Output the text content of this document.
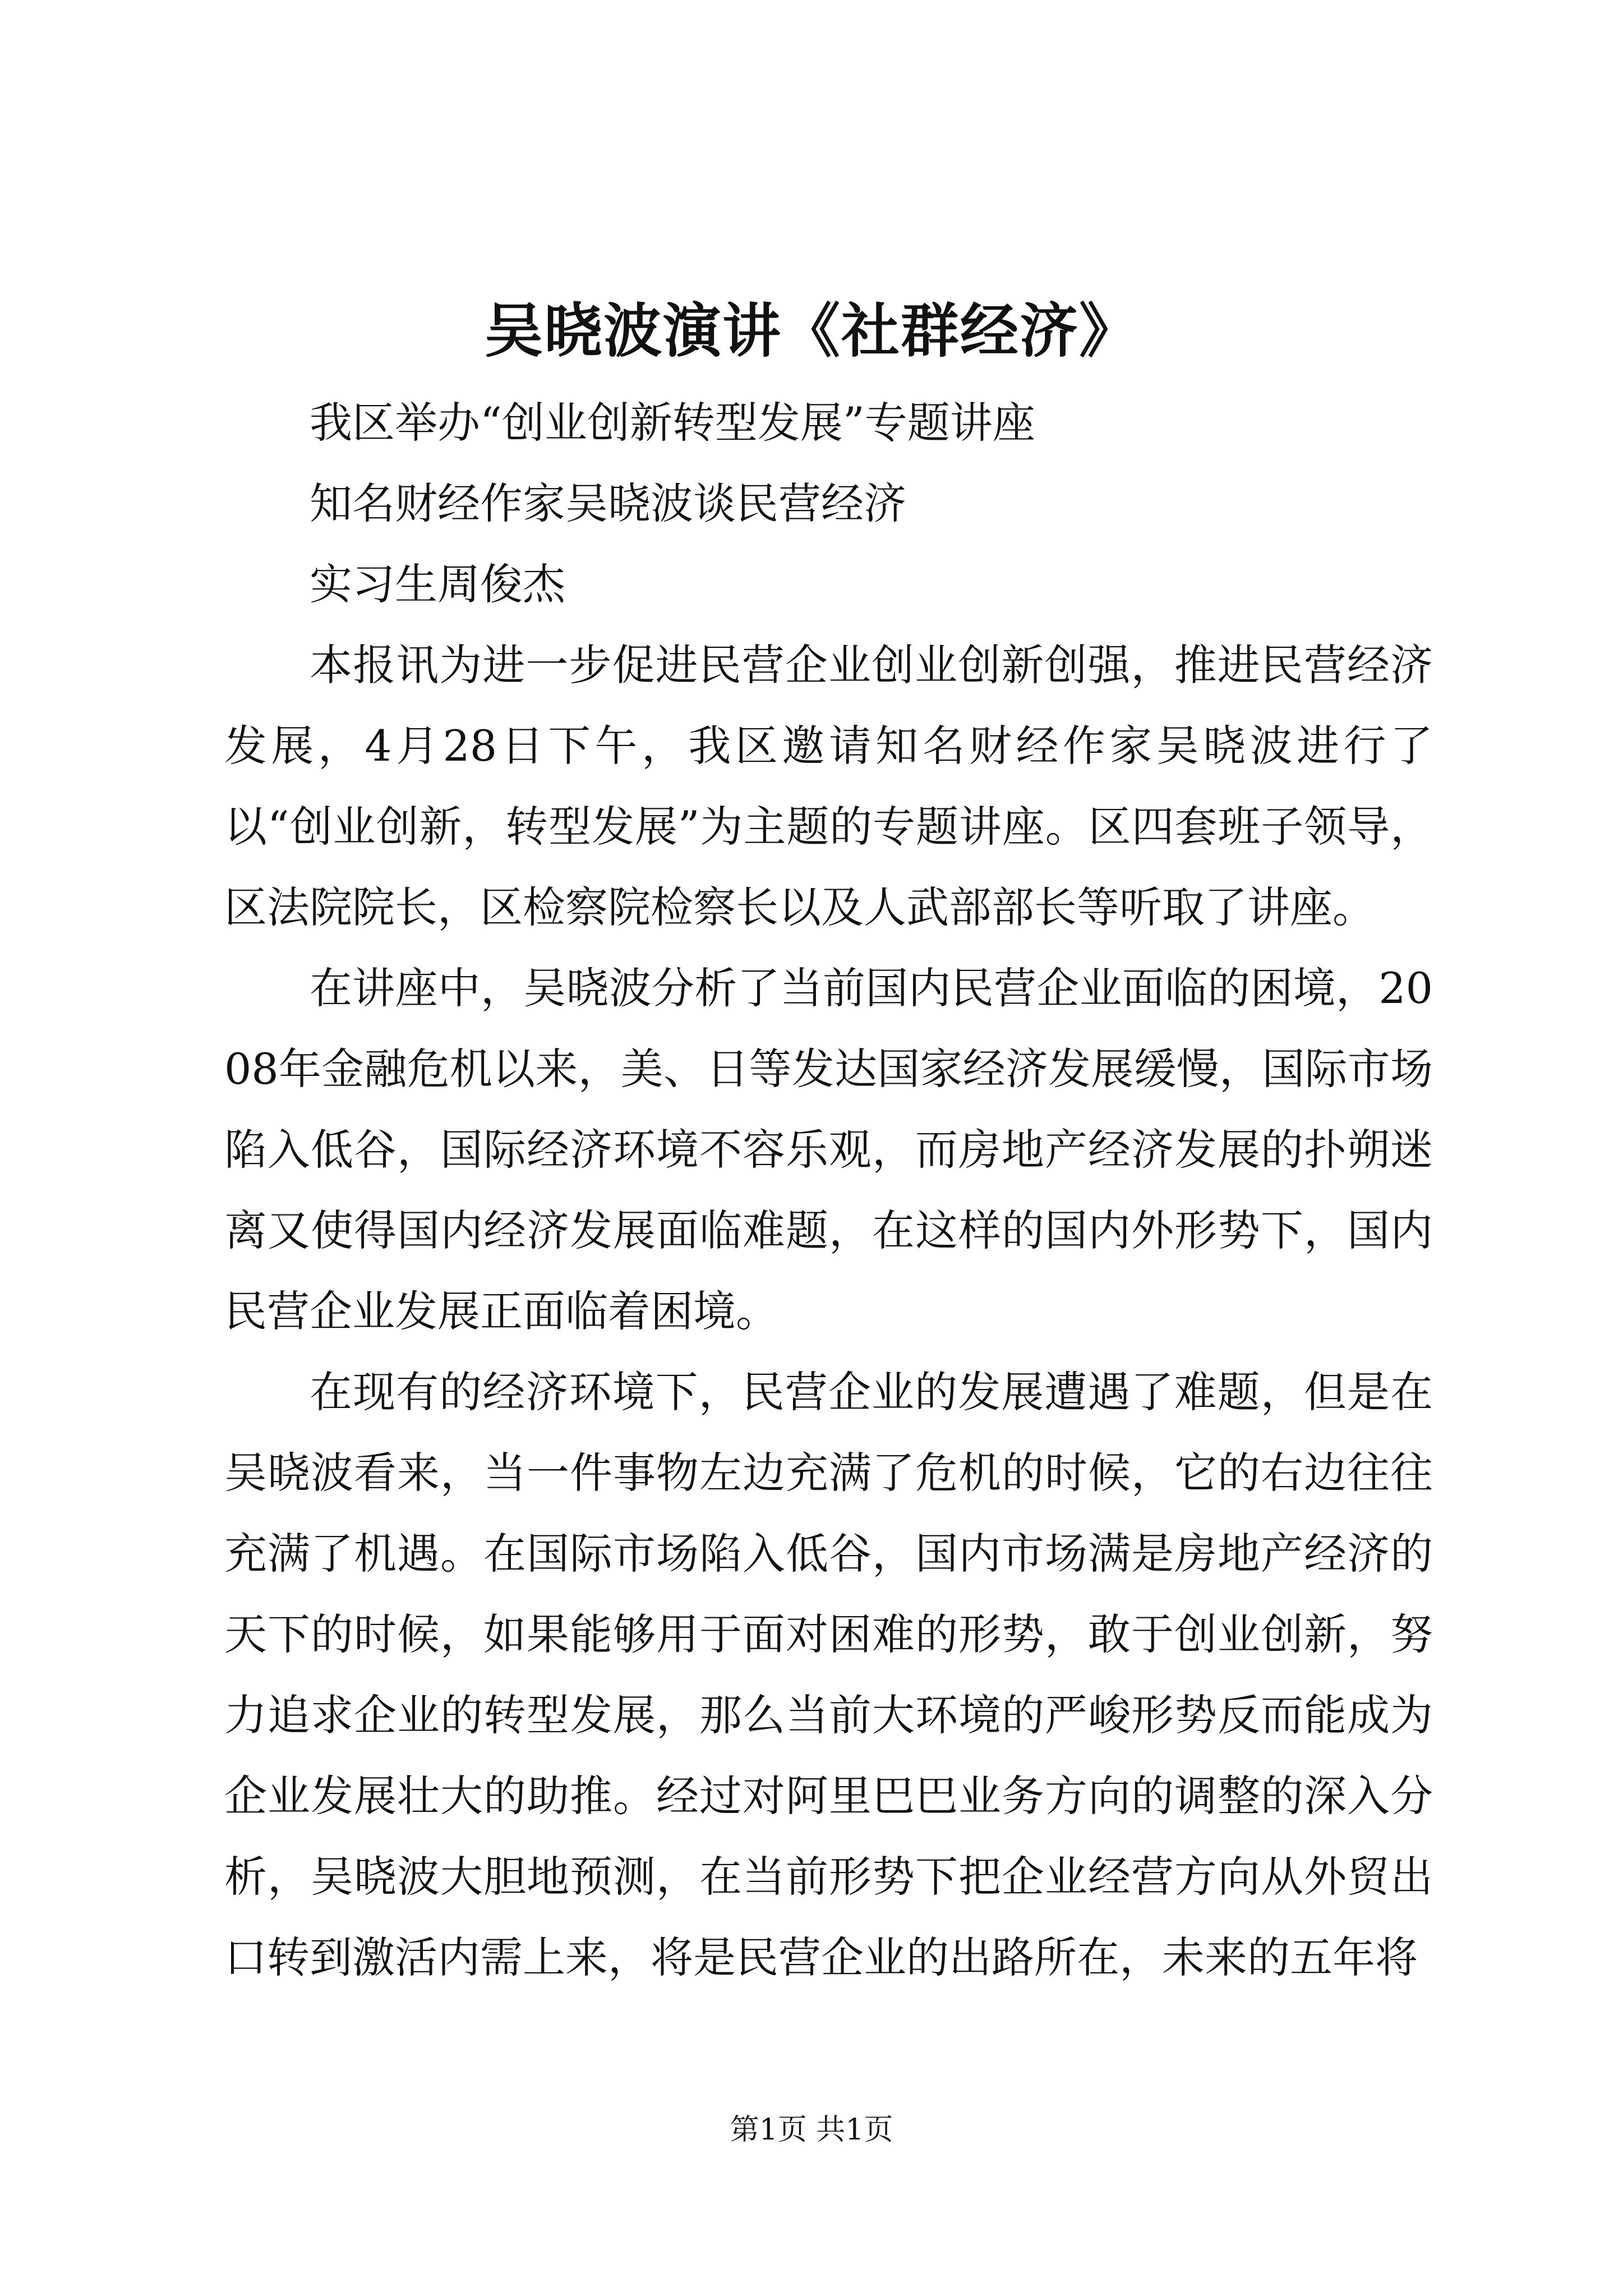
吴晓波演讲《社群经济》

我区举办“创业创新转型发展”专题讲座

知名财经作家吴晓波谈民营经济

实习生周俊杰

本报讯为进一步促进民营企业创业创新创强，推进民营经济发展，4月28日下午，我区邀请知名财经作家吴晓波进行了以“创业创新，转型发展”为主题的专题讲座。区四套班子领导，区法院院长，区检察院检察长以及人武部部长等听取了讲座。

在讲座中，吴晓波分析了当前国内民营企业面临的困境，2008年金融危机以来，美、日等发达国家经济发展缓慢，国际市场陷入低谷，国际经济环境不容乐观，而房地产经济发展的扑朔迷离又使得国内经济发展面临难题，在这样的国内外形势下，国内民营企业发展正面临着困境。

在现有的经济环境下，民营企业的发展遭遇了难题，但是在吴晓波看来，当一件事物左边充满了危机的时候，它的右边往往充满了机遇。在国际市场陷入低谷，国内市场满是房地产经济的天下的时候，如果能够用于面对困难的形势，敢于创业创新，努力追求企业的转型发展，那么当前大环境的严峻形势反而能成为企业发展壮大的助推。经过对阿里巴巴业务方向的调整的深入分析，吴晓波大胆地预测，在当前形势下把企业经营方向从外贸出口转到激活内需上来，将是民营企业的出路所在，未来的五年将

第1页 共1页
